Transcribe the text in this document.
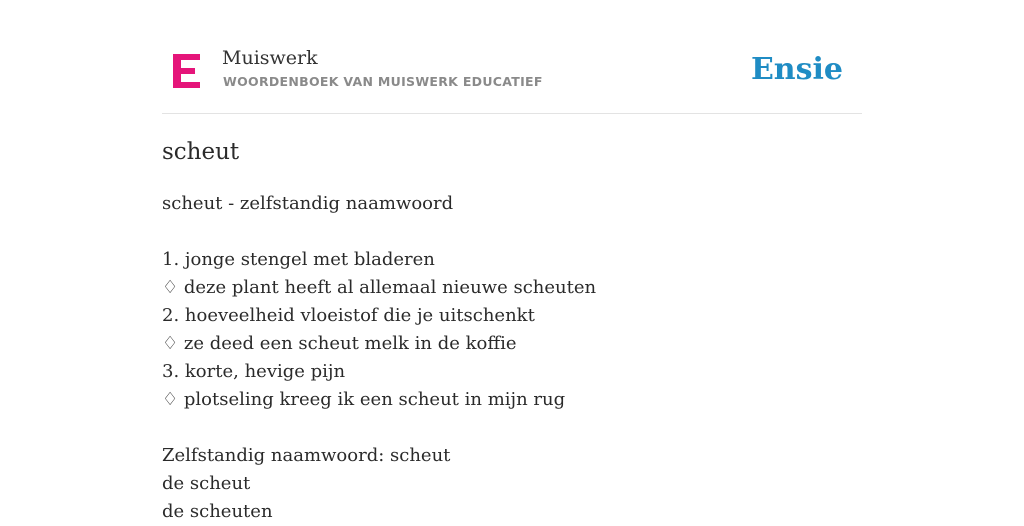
Muiswerk
WOORDENBOEK VAN MUISWERK EDUCATIEF	Ensie
scheut
scheut - zelfstandig naamwoord
1. jonge stengel met bladeren
♢ deze plant heeft al allemaal nieuwe scheuten
2. hoeveelheid vloeistof die je uitschenkt
♢ ze deed een scheut melk in de koffie
3. korte, hevige pijn
♢ plotseling kreeg ik een scheut in mijn rug
Zelfstandig naamwoord: scheut
de scheut
de scheuten
